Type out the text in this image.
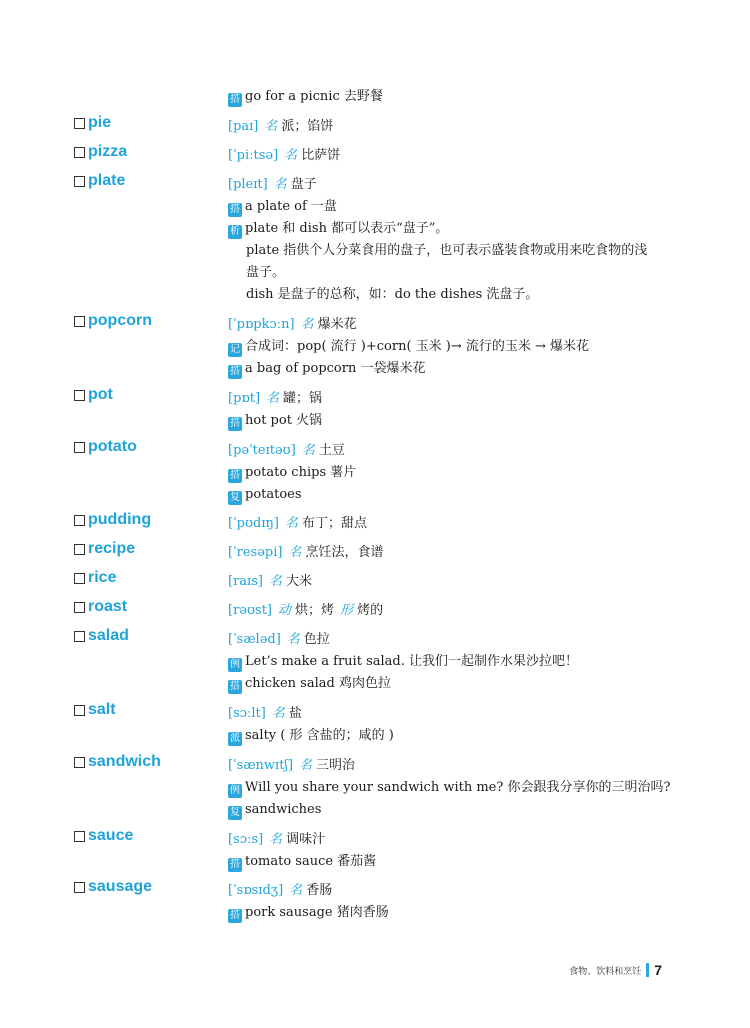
搭 go for a picnic 去野餐
pie	[paɪ] 名 派；馅饼
pizza	[ˈpiːtsə] 名 比萨饼
plate	[pleɪt] 名 盘子
搭 a plate of 一盘
析 plate 和 dish 都可以表示“盘子”。
plate 指供个人分菜食用的盘子，也可表示盛装食物或用来吃食物的浅
盘子。
dish 是盘子的总称，如：do the dishes 洗盘子。
popcorn	[ˈpɒpkɔːn] 名 爆米花
记 合成词：pop( 流行 )+corn( 玉米 )→ 流行的玉米 → 爆米花
搭 a bag of popcorn 一袋爆米花
pot	[pɒt] 名 罐；锅
搭 hot pot 火锅
potato	[pəˈteɪtəʊ] 名 土豆
搭 potato chips 薯片
复 potatoes
pudding	[ˈpʊdɪŋ] 名 布丁；甜点
recipe	[ˈresəpi] 名 烹饪法，食谱
rice	[raɪs] 名 大米
roast	[rəʊst] 动 烘；烤 形 烤的
salad	[ˈsæləd] 名 色拉
例 Let’s make a fruit salad. 让我们一起制作水果沙拉吧！
搭 chicken salad 鸡肉色拉
salt	[sɔːlt] 名 盐
派 salty ( 形 含盐的；咸的 )
sandwich	[ˈsænwɪtʃ] 名 三明治
例 Will you share your sandwich with me? 你会跟我分享你的三明治吗?
复 sandwiches
sauce	[sɔːs] 名 调味汁
搭 tomato sauce 番茄酱
sausage	[ˈsɒsɪdʒ] 名 香肠
搭 pork sausage 猪肉香肠
食物、饮料和烹饪 7
